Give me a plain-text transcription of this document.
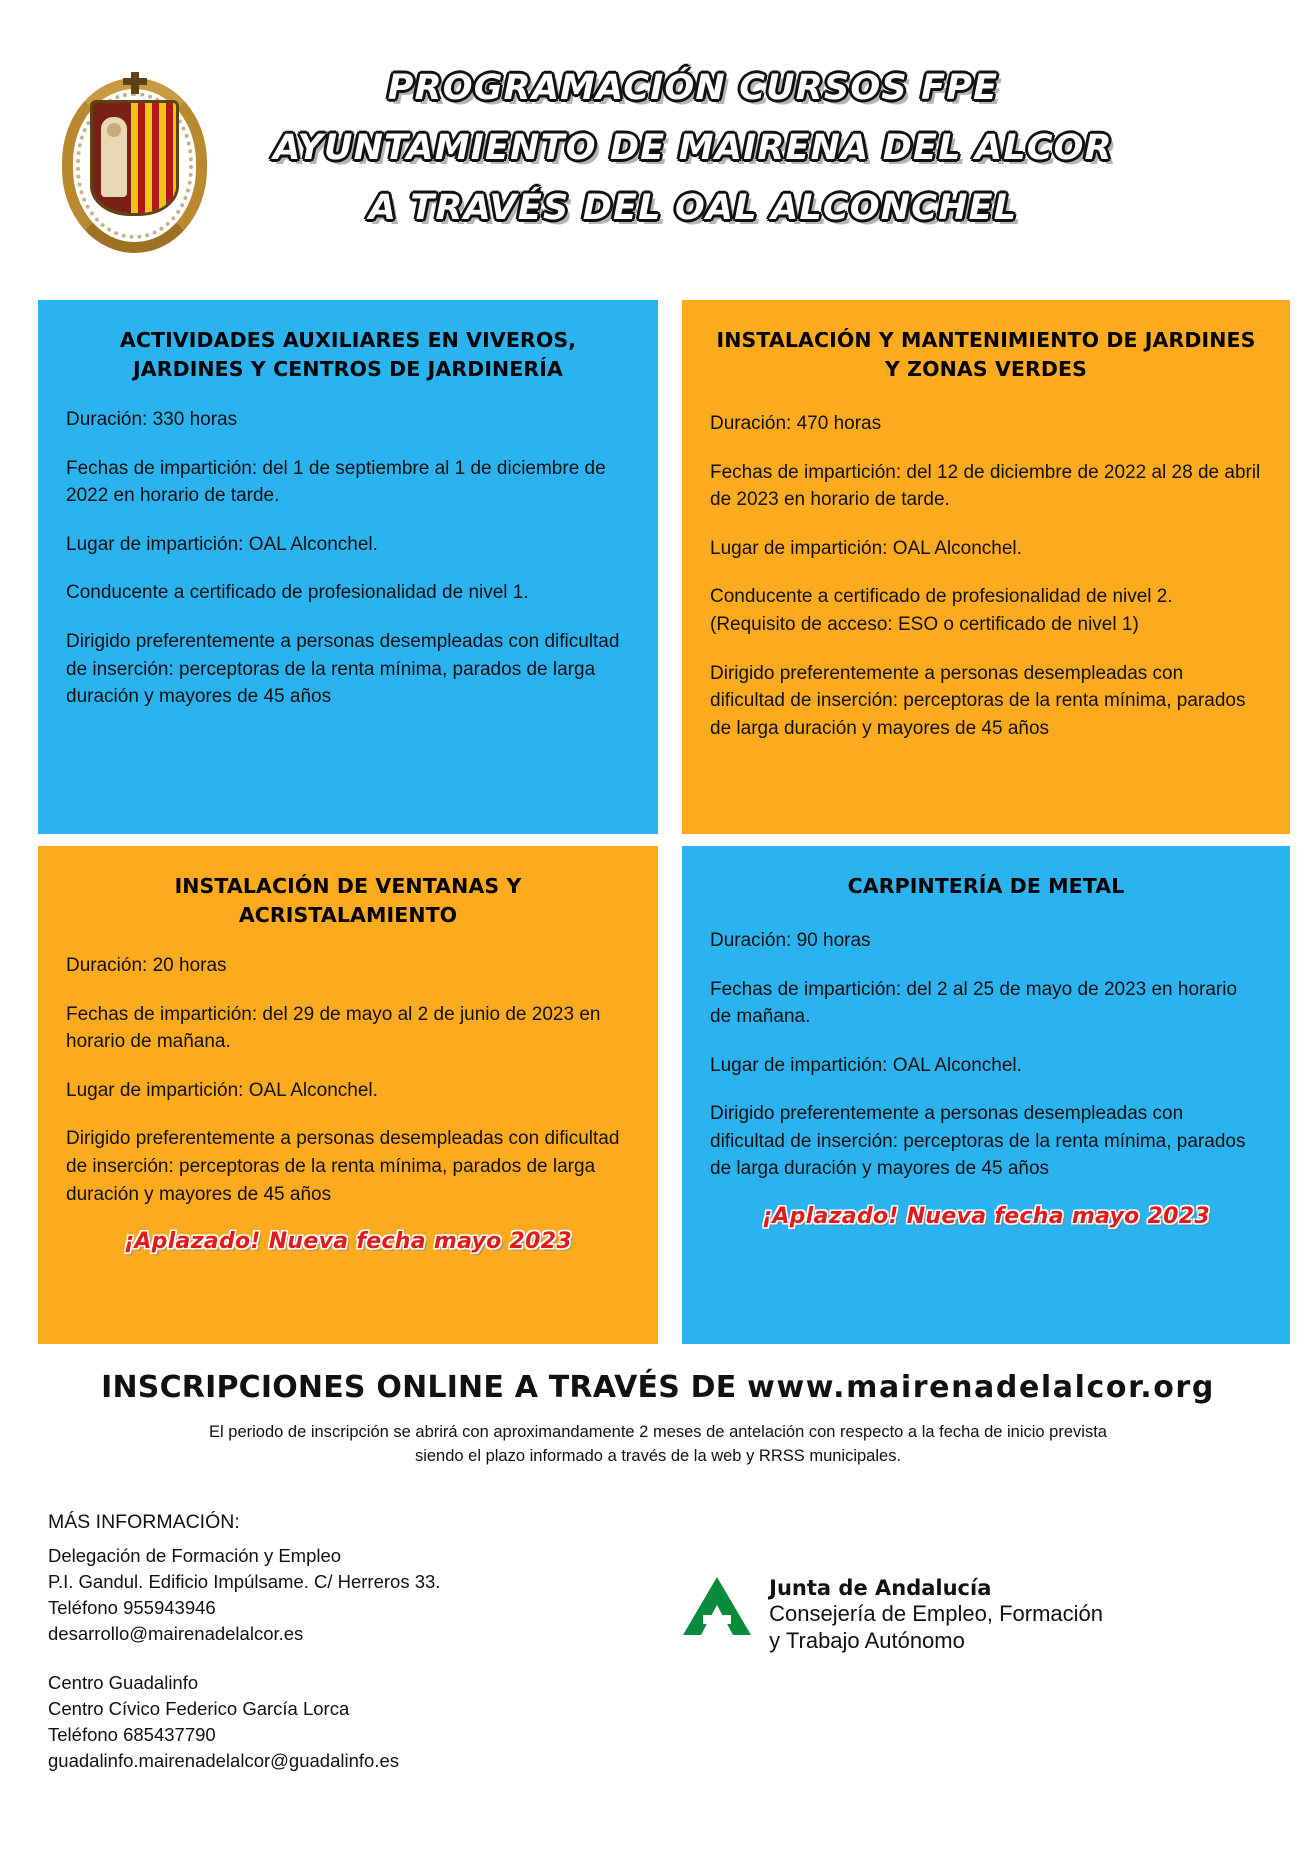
PROGRAMACIÓN CURSOS FPE
AYUNTAMIENTO DE MAIRENA DEL ALCOR
A TRAVÉS DEL OAL ALCONCHEL
ACTIVIDADES AUXILIARES EN VIVEROS, JARDINES Y CENTROS DE JARDINERÍA

Duración: 330 horas

Fechas de impartición: del 1 de septiembre al 1 de diciembre de 2022 en horario de tarde.

Lugar de impartición: OAL Alconchel.

Conducente a certificado de profesionalidad de nivel 1.

Dirigido preferentemente a personas desempleadas con dificultad de inserción: perceptoras de la renta mínima, parados de larga duración y mayores de 45 años

INSTALACIÓN Y MANTENIMIENTO DE JARDINES Y ZONAS VERDES

Duración: 470 horas

Fechas de impartición: del 12 de diciembre de 2022 al 28 de abril de 2023 en horario de tarde.

Lugar de impartición: OAL Alconchel.

Conducente a certificado de profesionalidad de nivel 2. (Requisito de acceso: ESO o certificado de nivel 1)

Dirigido preferentemente a personas desempleadas con dificultad de inserción: perceptoras de la renta mínima, parados de larga duración y mayores de 45 años

INSTALACIÓN DE VENTANAS Y ACRISTALAMIENTO

Duración: 20 horas

Fechas de impartición: del 29 de mayo al 2 de junio de 2023 en horario de mañana.

Lugar de impartición: OAL Alconchel.

Dirigido preferentemente a personas desempleadas con dificultad de inserción: perceptoras de la renta mínima, parados de larga duración y mayores de 45 años

¡Aplazado! Nueva fecha mayo 2023
CARPINTERÍA DE METAL

Duración: 90 horas

Fechas de impartición: del 2 al 25 de mayo de 2023 en horario de mañana.

Lugar de impartición: OAL Alconchel.

Dirigido preferentemente a personas desempleadas con dificultad de inserción: perceptoras de la renta mínima, parados de larga duración y mayores de 45 años

¡Aplazado! Nueva fecha mayo 2023
INSCRIPCIONES ONLINE A TRAVÉS DE www.mairenadelalcor.org
El periodo de inscripción se abrirá con aproximandamente 2 meses de antelación con respecto a la fecha de inicio prevista
siendo el plazo informado a través de la web y RRSS municipales.
MÁS INFORMACIÓN:
Delegación de Formación y Empleo
P.I. Gandul. Edificio Impúlsame. C/ Herreros 33.
Teléfono 955943946
desarrollo@mairenadelalcor.es
Centro Guadalinfo
Centro Cívico Federico García Lorca
Teléfono 685437790
guadalinfo.mairenadelalcor@guadalinfo.es
Junta de Andalucía
Consejería de Empleo, Formación
y Trabajo Autónomo
